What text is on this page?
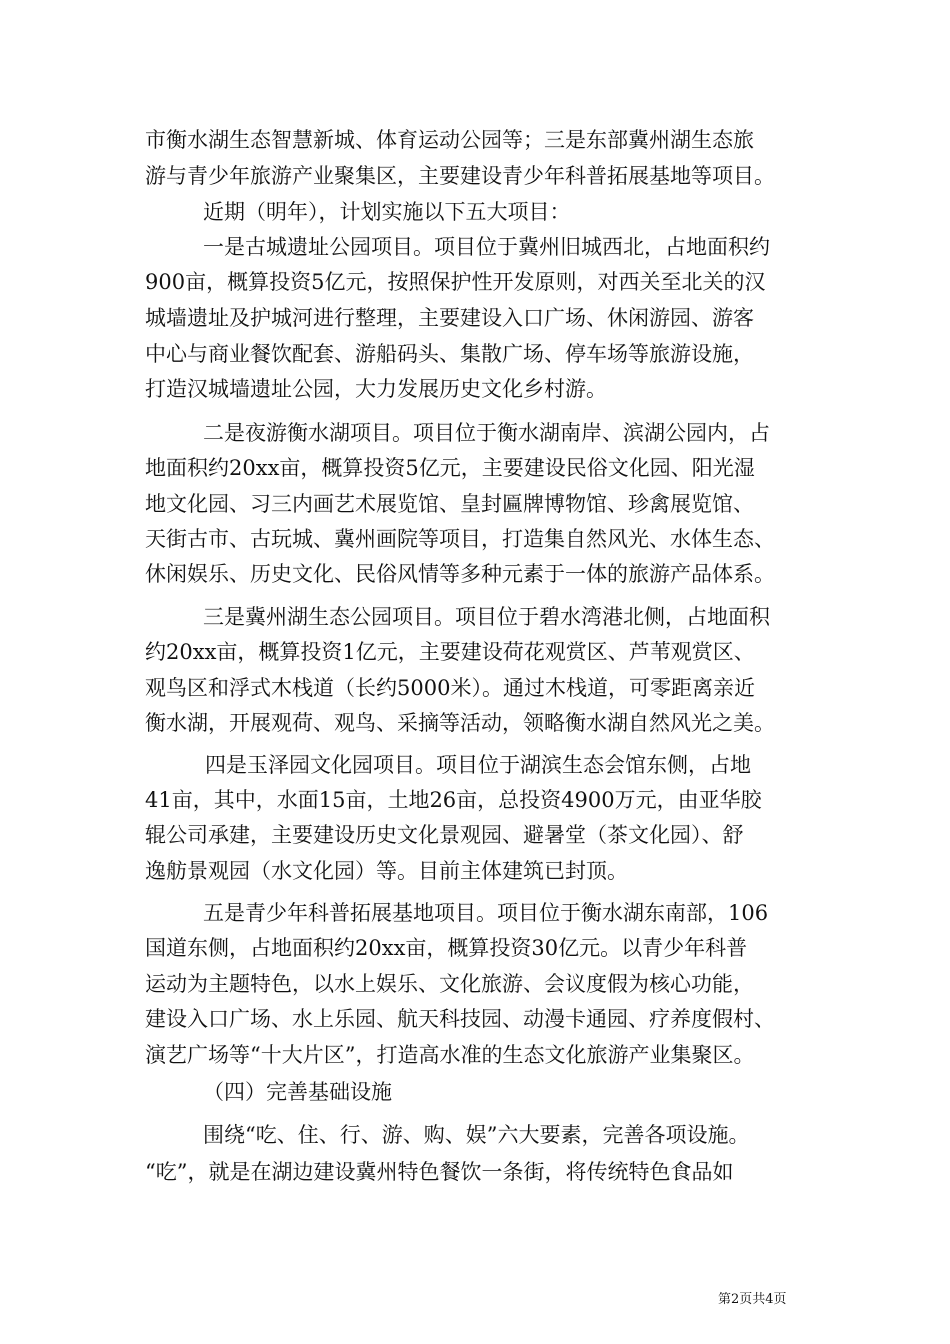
市衡水湖生态智慧新城、体育运动公园等；三是东部冀州湖生态旅
游与青少年旅游产业聚集区，主要建设青少年科普拓展基地等项目。
近期（明年），计划实施以下五大项目：
一是古城遗址公园项目。项目位于冀州旧城西北，占地面积约
900亩，概算投资5亿元，按照保护性开发原则，对西关至北关的汉
城墙遗址及护城河进行整理，主要建设入口广场、休闲游园、游客
中心与商业餐饮配套、游船码头、集散广场、停车场等旅游设施，
打造汉城墙遗址公园，大力发展历史文化乡村游。
二是夜游衡水湖项目。项目位于衡水湖南岸、滨湖公园内，占
地面积约20xx亩，概算投资5亿元，主要建设民俗文化园、阳光湿
地文化园、习三内画艺术展览馆、皇封匾牌博物馆、珍禽展览馆、
天街古市、古玩城、冀州画院等项目，打造集自然风光、水体生态、
休闲娱乐、历史文化、民俗风情等多种元素于一体的旅游产品体系。
三是冀州湖生态公园项目。项目位于碧水湾港北侧，占地面积
约20xx亩，概算投资1亿元，主要建设荷花观赏区、芦苇观赏区、
观鸟区和浮式木栈道（长约5000米）。通过木栈道，可零距离亲近
衡水湖，开展观荷、观鸟、采摘等活动，领略衡水湖自然风光之美。
四是玉泽园文化园项目。项目位于湖滨生态会馆东侧，占地
41亩，其中，水面15亩，土地26亩，总投资4900万元，由亚华胶
辊公司承建，主要建设历史文化景观园、避暑堂（茶文化园）、舒
逸舫景观园（水文化园）等。目前主体建筑已封顶。
五是青少年科普拓展基地项目。项目位于衡水湖东南部，106
国道东侧，占地面积约20xx亩，概算投资30亿元。以青少年科普
运动为主题特色，以水上娱乐、文化旅游、会议度假为核心功能，
建设入口广场、水上乐园、航天科技园、动漫卡通园、疗养度假村、
演艺广场等“十大片区”，打造高水准的生态文化旅游产业集聚区。
（四）完善基础设施
围绕“吃、住、行、游、购、娱”六大要素，完善各项设施。
“吃”，就是在湖边建设冀州特色餐饮一条街，将传统特色食品如
第2页共4页
